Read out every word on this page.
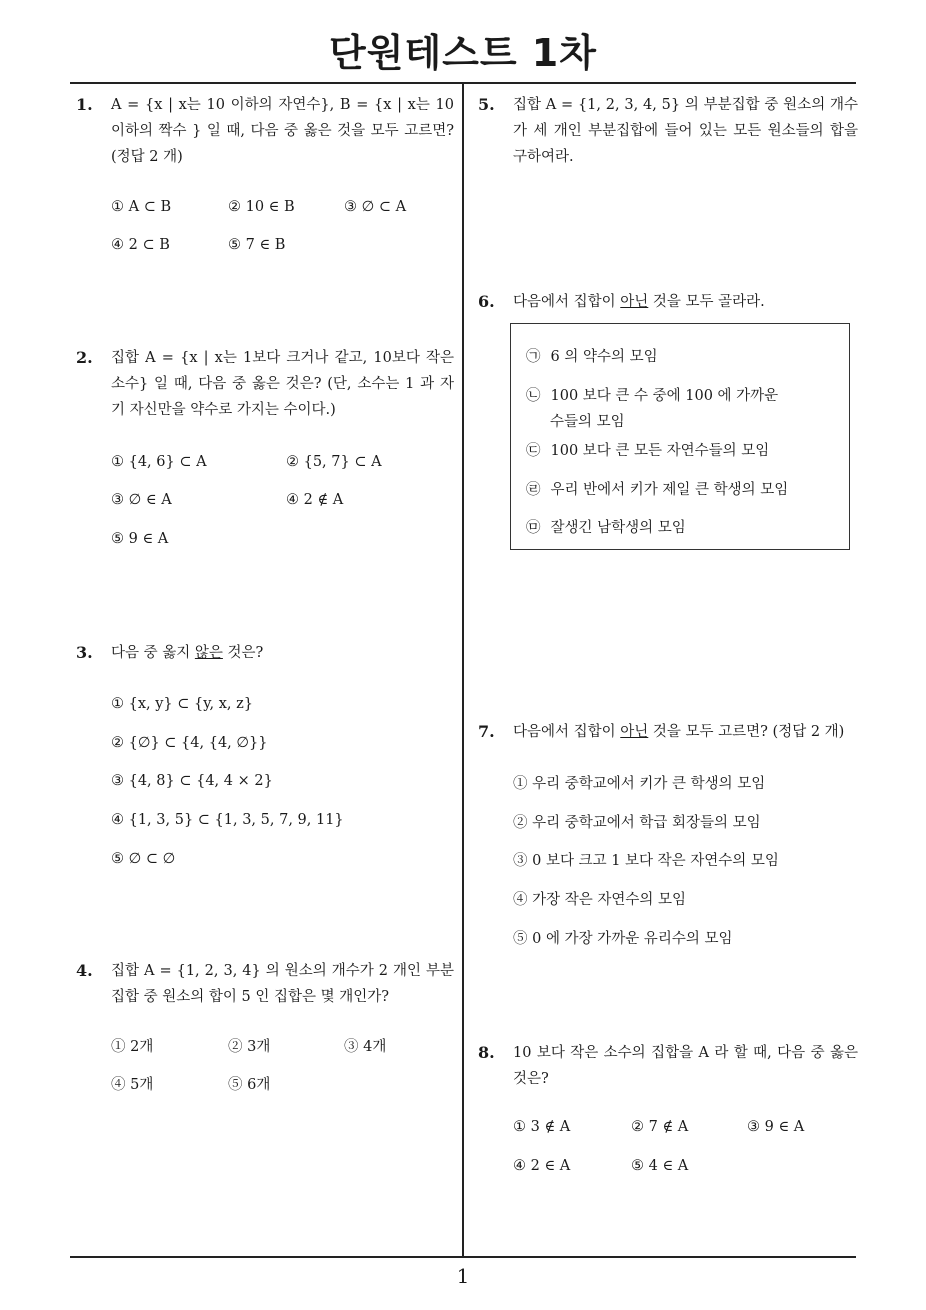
단원테스트 1차
1
1. A = {x | x는 10 이하의 자연수}, B = {x | x는 10 이하의 짝수 } 일 때, 다음 중 옳은 것을 모두 고르면? (정답 2 개)
① A ⊂ B	② 10 ∈ B	③ ∅ ⊂ A
④ 2 ⊂ B	⑤ 7 ∈ B
2. 집합 A = {x | x는 1보다 크거나 같고, 10보다 작은 소수} 일 때, 다음 중 옳은 것은? (단, 소수는 1 과 자기 자신만을 약수로 가지는 수이다.)
① {4, 6} ⊂ A	② {5, 7} ⊂ A
③ ∅ ∈ A	④ 2 ∉ A
⑤ 9 ∈ A
3. 다음 중 옳지 않은 것은?
① {x, y} ⊂ {y, x, z}
② {∅} ⊂ {4, {4, ∅}}
③ {4, 8} ⊂ {4, 4 × 2}
④ {1, 3, 5} ⊂ {1, 3, 5, 7, 9, 11}
⑤ ∅ ⊂ ∅
4. 집합 A = {1, 2, 3, 4} 의 원소의 개수가 2 개인 부분집합 중 원소의 합이 5 인 집합은 몇 개인가?
① 2개	② 3개	③ 4개
④ 5개	⑤ 6개
5. 집합 A = {1, 2, 3, 4, 5} 의 부분집합 중 원소의 개수가 세 개인 부분집합에 들어 있는 모든 원소들의 합을 구하여라.
6. 다음에서 집합이 아닌 것을 모두 골라라.
㉠ 6 의 약수의 모임
㉡ 100 보다 큰 수 중에 100 에 가까운
수들의 모임
㉢ 100 보다 큰 모든 자연수들의 모임
㉣ 우리 반에서 키가 제일 큰 학생의 모임
㉤ 잘생긴 남학생의 모임
7. 다음에서 집합이 아닌 것을 모두 고르면? (정답 2 개)
① 우리 중학교에서 키가 큰 학생의 모임
② 우리 중학교에서 학급 회장들의 모임
③ 0 보다 크고 1 보다 작은 자연수의 모임
④ 가장 작은 자연수의 모임
⑤ 0 에 가장 가까운 유리수의 모임
8. 10 보다 작은 소수의 집합을 A 라 할 때, 다음 중 옳은 것은?
① 3 ∉ A	② 7 ∉ A	③ 9 ∈ A
④ 2 ∈ A	⑤ 4 ∈ A
